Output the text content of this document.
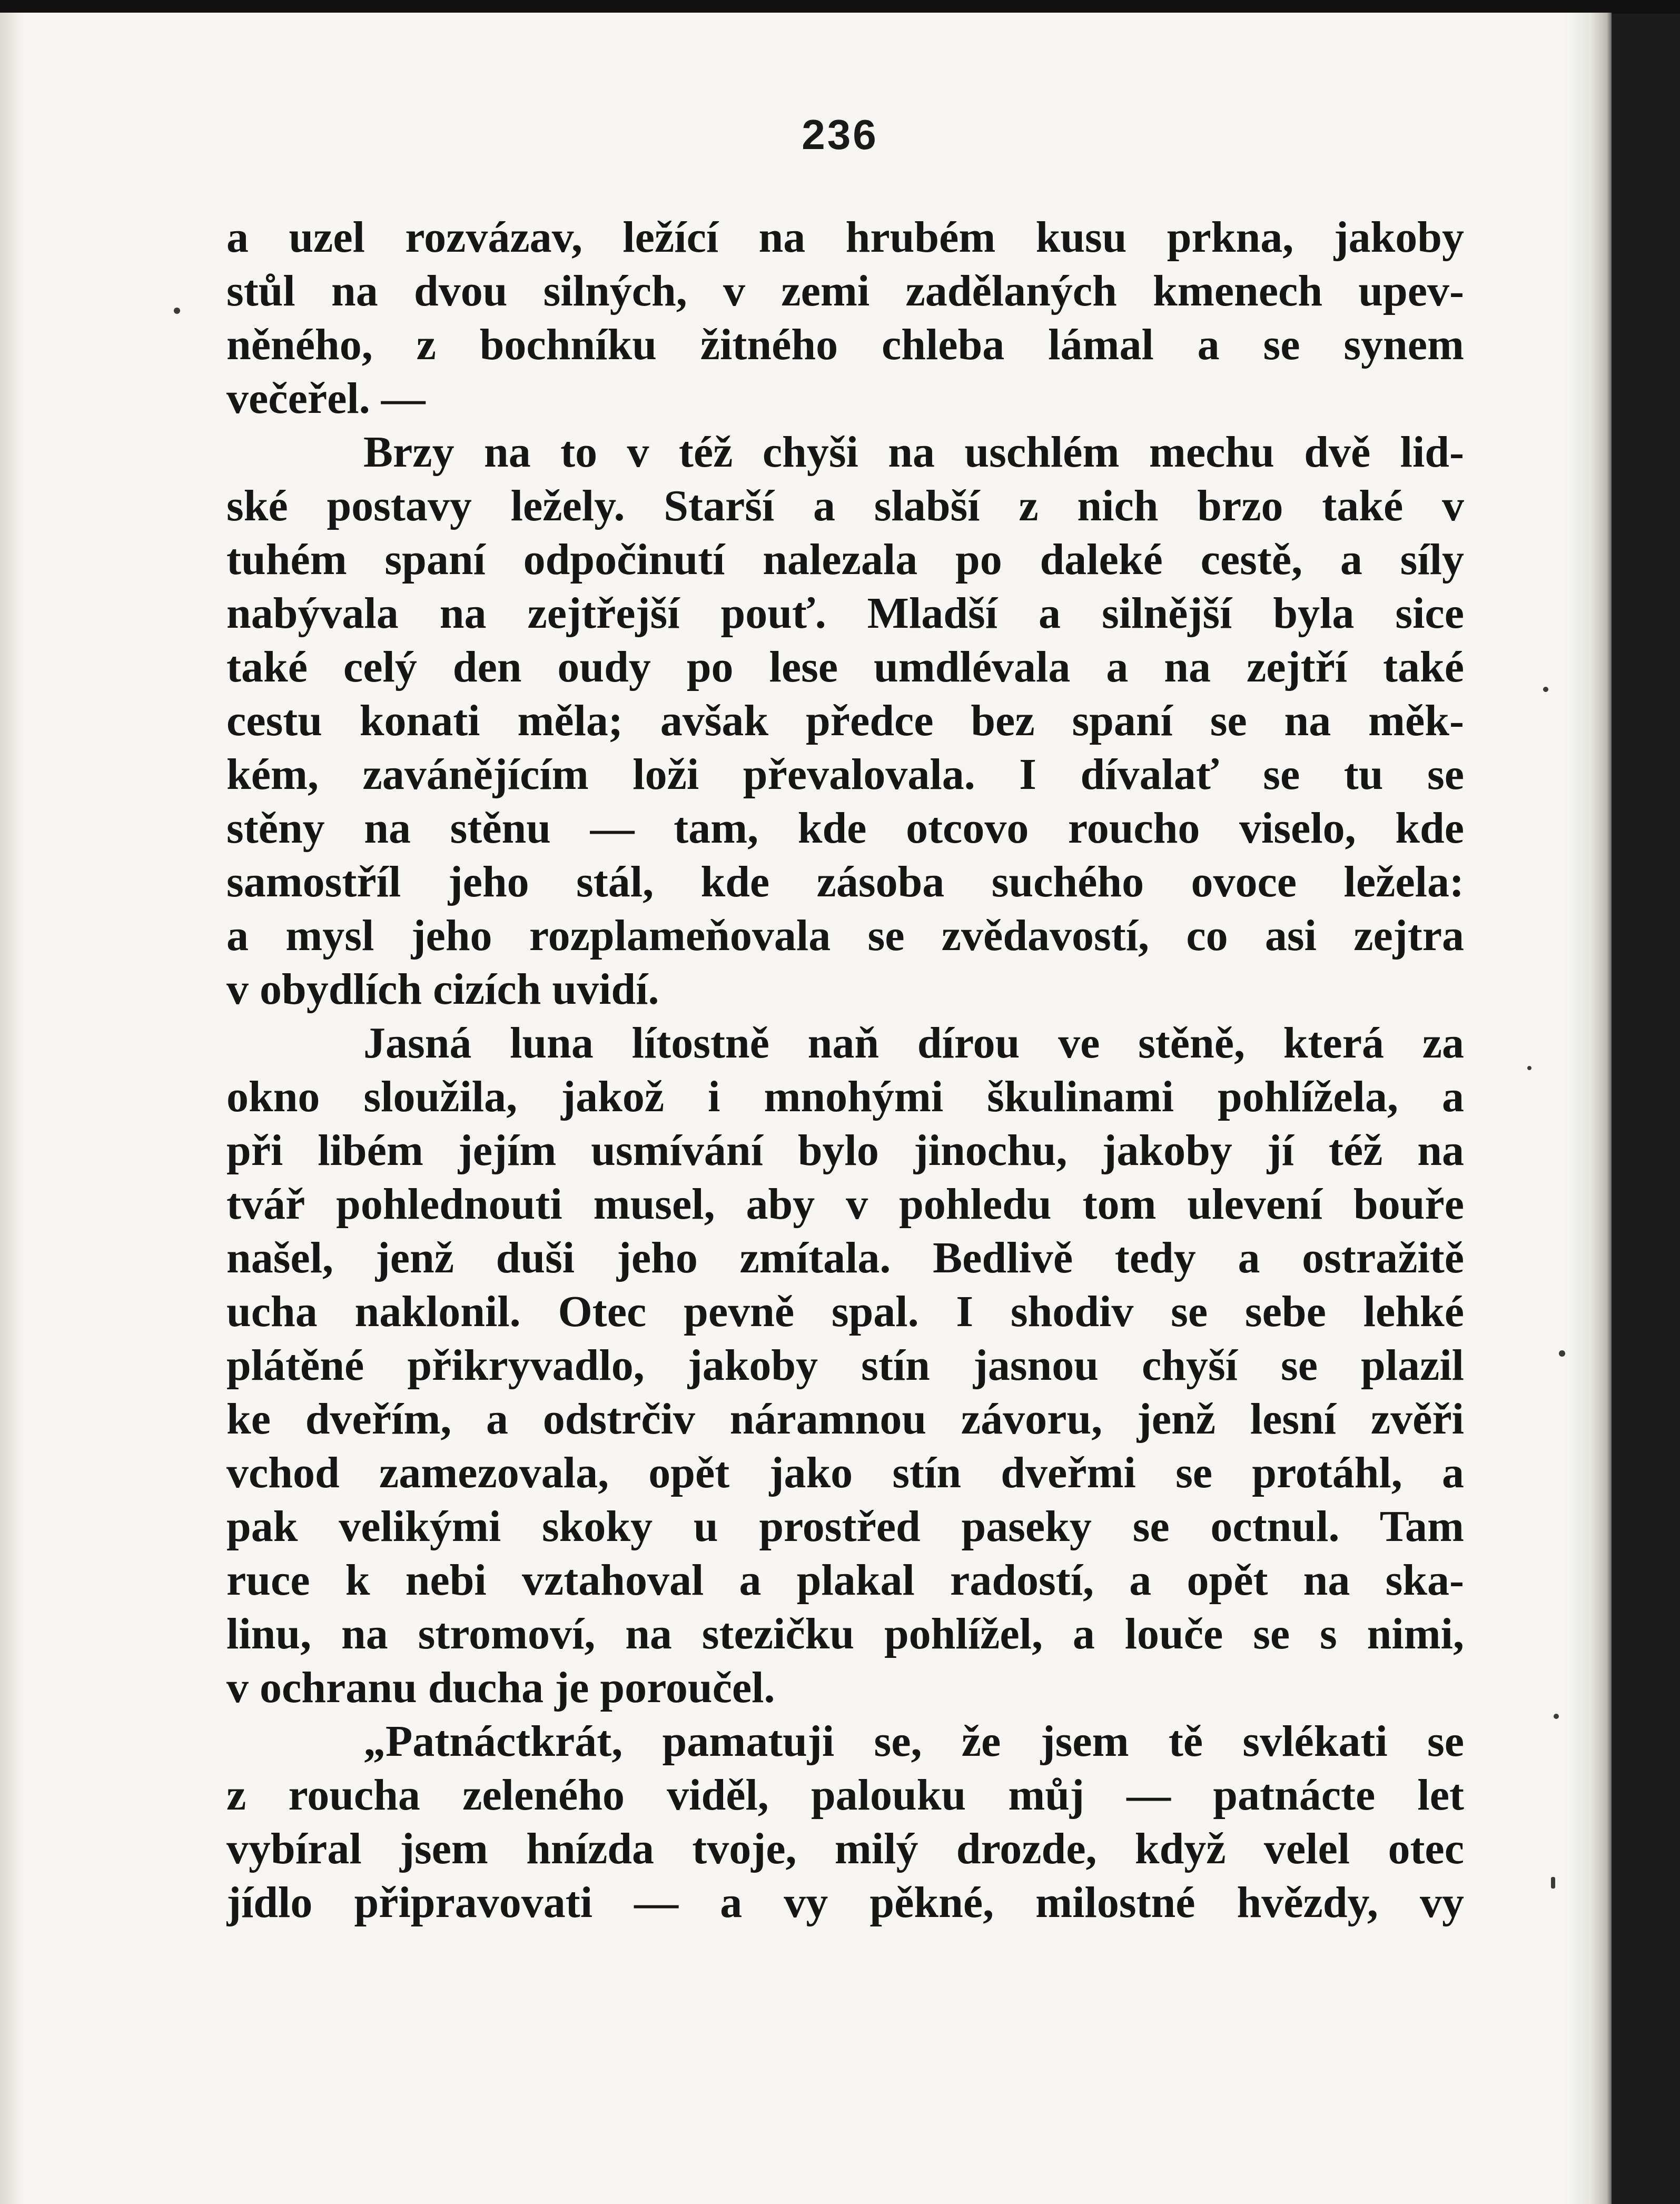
236
a uzel rozvázav, ležící na hrubém kusu prkna, jakoby
stůl na dvou silných, v zemi zadělaných kmenech upev-
něného, z bochníku žitného chleba lámal a se synem
večeřel. —
Brzy na to v též chyši na uschlém mechu dvě lid-
ské postavy ležely. Starší a slabší z nich brzo také v
tuhém spaní odpočinutí nalezala po daleké cestě, a síly
nabývala na zejtřejší pouť. Mladší a silnější byla sice
také celý den oudy po lese umdlévala a na zejtří také
cestu konati měla; avšak předce bez spaní se na měk-
kém, zavánějícím loži převalovala. I dívalať se tu se
stěny na stěnu — tam, kde otcovo roucho viselo, kde
samostříl jeho stál, kde zásoba suchého ovoce ležela:
a mysl jeho rozplameňovala se zvědavostí, co asi zejtra
v obydlích cizích uvidí.
Jasná luna lítostně naň dírou ve stěně, která za
okno sloužila, jakož i mnohými škulinami pohlížela, a
při libém jejím usmívání bylo jinochu, jakoby jí též na
tvář pohlednouti musel, aby v pohledu tom ulevení bouře
našel, jenž duši jeho zmítala. Bedlivě tedy a ostražitě
ucha naklonil. Otec pevně spal. I shodiv se sebe lehké
plátěné přikryvadlo, jakoby stín jasnou chyší se plazil
ke dveřím, a odstrčiv náramnou závoru, jenž lesní zvěři
vchod zamezovala, opět jako stín dveřmi se protáhl, a
pak velikými skoky u prostřed paseky se octnul. Tam
ruce k nebi vztahoval a plakal radostí, a opět na ska-
linu, na stromoví, na stezičku pohlížel, a louče se s nimi,
v ochranu ducha je poroučel.
„Patnáctkrát, pamatuji se, že jsem tě svlékati se
z roucha zeleného viděl, palouku můj — patnácte let
vybíral jsem hnízda tvoje, milý drozde, když velel otec
jídlo připravovati — a vy pěkné, milostné hvězdy, vy
